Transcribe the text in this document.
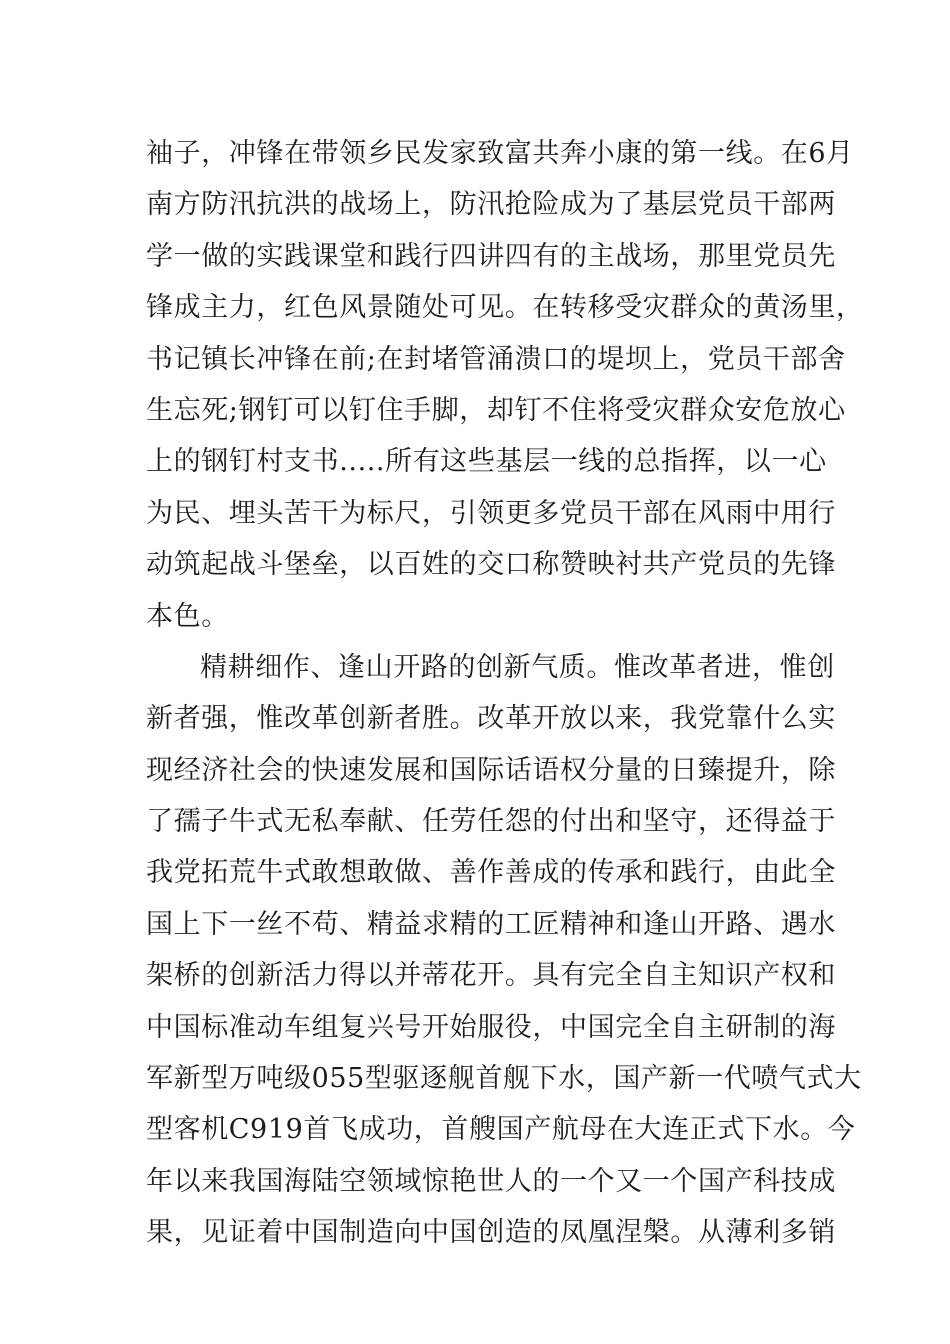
袖子，冲锋在带领乡民发家致富共奔小康的第一线。在6月
南方防汛抗洪的战场上，防汛抢险成为了基层党员干部两
学一做的实践课堂和践行四讲四有的主战场，那里党员先
锋成主力，红色风景随处可见。在转移受灾群众的黄汤里，
书记镇长冲锋在前;在封堵管涌溃口的堤坝上，党员干部舍
生忘死;钢钉可以钉住手脚，却钉不住将受灾群众安危放心
上的钢钉村支书.....所有这些基层一线的总指挥，以一心
为民、埋头苦干为标尺，引领更多党员干部在风雨中用行
动筑起战斗堡垒，以百姓的交口称赞映衬共产党员的先锋
本色。
精耕细作、逢山开路的创新气质。惟改革者进，惟创
新者强，惟改革创新者胜。改革开放以来，我党靠什么实
现经济社会的快速发展和国际话语权分量的日臻提升，除
了孺子牛式无私奉献、任劳任怨的付出和坚守，还得益于
我党拓荒牛式敢想敢做、善作善成的传承和践行，由此全
国上下一丝不苟、精益求精的工匠精神和逢山开路、遇水
架桥的创新活力得以并蒂花开。具有完全自主知识产权和
中国标准动车组复兴号开始服役，中国完全自主研制的海
军新型万吨级055型驱逐舰首舰下水，国产新一代喷气式大
型客机C919首飞成功，首艘国产航母在大连正式下水。今
年以来我国海陆空领域惊艳世人的一个又一个国产科技成
果，见证着中国制造向中国创造的凤凰涅槃。从薄利多销
